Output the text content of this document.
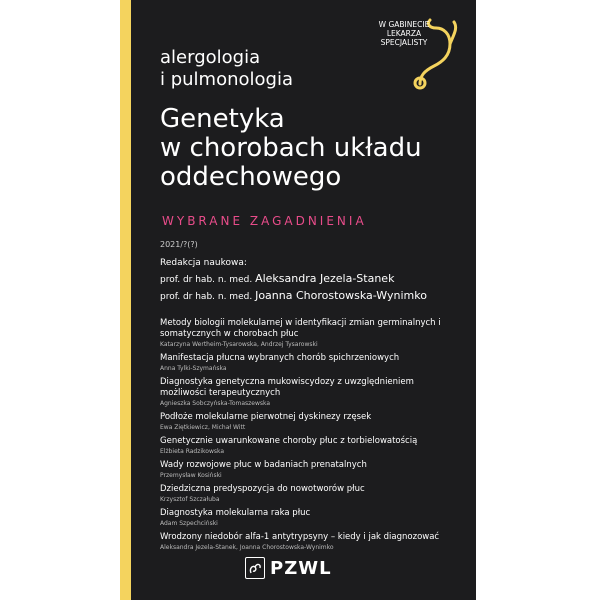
W GABINECIE
LEKARZA
SPECJALISTY
alergologia
i pulmonologia
Genetyka
w chorobach układu
oddechowego
WYBRANE ZAGADNIENIA
2021/?(?)
Redakcja naukowa:
prof. dr hab. n. med. Aleksandra Jezela-Stanek
prof. dr hab. n. med. Joanna Chorostowska-Wynimko
Metody biologii molekularnej w identyfikacji zmian germinalnych i somatycznych w chorobach płuc
Katarzyna Wertheim-Tysarowska, Andrzej Tysarowski
Manifestacja płucna wybranych chorób spichrzeniowych
Anna Tylki-Szymańska
Diagnostyka genetyczna mukowiscydozy z uwzględnieniem możliwości terapeutycznych
Agnieszka Sobczyńska-Tomaszewska
Podłoże molekularne pierwotnej dyskinezy rzęsek
Ewa Ziętkiewicz, Michał Witt
Genetycznie uwarunkowane choroby płuc z torbielowatością
Elżbieta Radzikowska
Wady rozwojowe płuc w badaniach prenatalnych
Przemysław Kosiński
Dziedziczna predyspozycja do nowotworów płuc
Krzysztof Szczałuba
Diagnostyka molekularna raka płuc
Adam Szpechciński
Wrodzony niedobór alfa-1 antytrypsyny – kiedy i jak diagnozować
Aleksandra Jezela-Stanek, Joanna Chorostowska-Wynimko
PZWL
